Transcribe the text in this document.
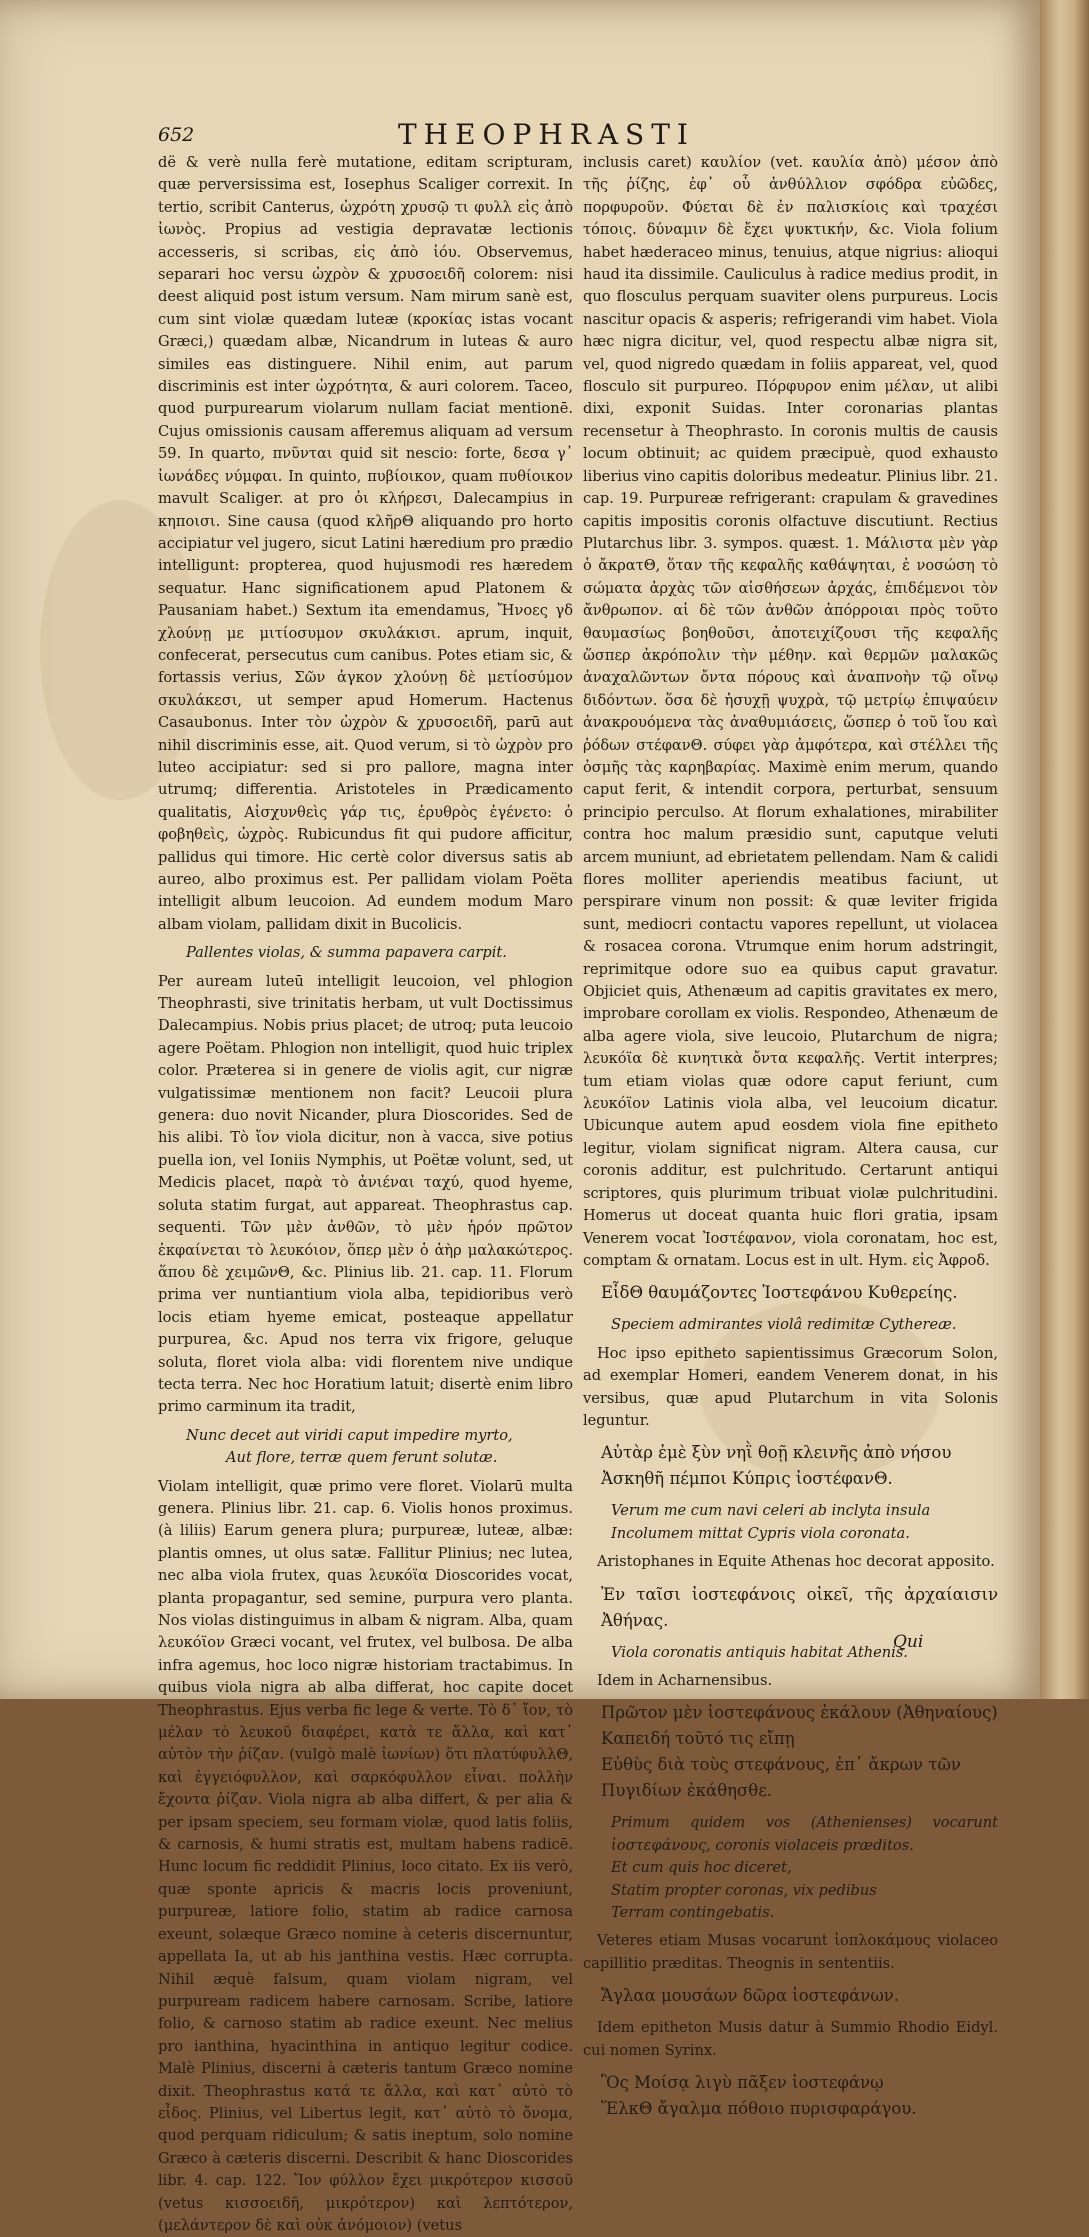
652	THEOPHRASTI

dë & verè nulla ferè mutatione, editam scripturam, quæ perversissima est, Iosephus Scaliger correxit. In tertio, scribit Canterus, ὠχρότη χρυσῷ τι φυλλ εἰς ἀπὸ ἰωνὸς. Propius ad vestigia depravatæ lectionis accesseris, si scribas, εἰς ἀπὸ ἰόυ. Observemus, separari hoc versu ὠχρὸν & χρυσοειδῆ colorem: nisi deest aliquid post istum versum. Nam mirum sanè est, cum sint violæ quædam luteæ (κροκίας istas vocant Græci,) quædam albæ, Nicandrum in luteas & auro similes eas distinguere. Nihil enim, aut parum discriminis est inter ὠχρότητα, & auri colorem. Taceo, quod purpurearum violarum nullam faciat mentionē. Cujus omissionis causam afferemus aliquam ad versum 59. In quarto, πνῦνται quid sit nescio: forte, δεσα γ᾽ ἰωνάδες νύμφαι. In quinto, πυβίοικον, quam πυθίοικον mavult Scaliger. at pro ὁι κλήρεσι, Dalecampius in κηποισι. Sine causa (quod κλῆρΘ aliquando pro horto accipiatur vel jugero, sicut Latini hæredium pro prædio intelligunt: propterea, quod hujusmodi res hæredem sequatur. Hanc significationem apud Platonem & Pausaniam habet.) Sextum ita emendamus, Ἤνοες γδ χλούνῃ με μιτίοσυμον σκυλάκισι. aprum, inquit, confecerat, persecutus cum canibus. Potes etiam sic, & fortassis verius, Σῶν ἀγκον χλούνῃ δὲ μετίοσύμον σκυλάκεσι, ut semper apud Homerum. Hactenus Casaubonus. Inter τὸν ὠχρὸν & χρυσοειδῆ, parū aut nihil discriminis esse, ait. Quod verum, si τὸ ὠχρὸν pro luteo accipiatur: sed si pro pallore, magna inter utrumq; differentia. Aristoteles in Prædicamento qualitatis, Αἰσχυνθεὶς γάρ τις, ἐρυθρὸς ἐγένετο: ὁ φοβηθεὶς, ὠχρὸς. Rubicundus fit qui pudore afficitur, pallidus qui timore. Hic certè color diversus satis ab aureo, albo proximus est. Per pallidam violam Poëta intelligit album leucoion. Ad eundem modum Maro albam violam, pallidam dixit in Bucolicis.

Pallentes violas, & summa papavera carpit.

Per auream luteū intelligit leucoion, vel phlogion Theophrasti, sive trinitatis herbam, ut vult Doctissimus Dalecampius. Nobis prius placet; de utroq; puta leucoio agere Poëtam. Phlogion non intelligit, quod huic triplex color. Præterea si in genere de violis agit, cur nigræ vulgatissimæ mentionem non facit? Leucoii plura genera: duo novit Nicander, plura Dioscorides. Sed de his alibi. Τὸ ἴον viola dicitur, non à vacca, sive potius puella ion, vel Ioniis Nymphis, ut Poëtæ volunt, sed, ut Medicis placet, παρὰ τὸ ἀνιέναι ταχύ, quod hyeme, soluta statim furgat, aut appareat. Theophrastus cap. sequenti. Τῶν μὲν ἀνθῶν, τὸ μὲν ἡρόν πρῶτον ἐκφαίνεται τὸ λευκόιον, ὅπερ μὲν ὁ ἀὴρ μαλακώτερος. ἅπου δὲ χειμῶνΘ, &c. Plinius lib. 21. cap. 11. Florum prima ver nuntiantium viola alba, tepidioribus verò locis etiam hyeme emicat, posteaque appellatur purpurea, &c. Apud nos terra vix frigore, geluque soluta, floret viola alba: vidi florentem nive undique tecta terra. Nec hoc Horatium latuit; disertè enim libro primo carminum ita tradit,

Nunc decet aut viridi caput impedire myrto,
Aut flore, terræ quem ferunt solutæ.

Violam intelligit, quæ primo vere floret. Violarū multa genera. Plinius libr. 21. cap. 6. Violis honos proximus. (à liliis) Earum genera plura; purpureæ, luteæ, albæ: plantis omnes, ut olus satæ. Fallitur Plinius; nec lutea, nec alba viola frutex, quas λευκόϊα Dioscorides vocat, planta propagantur, sed semine, purpura vero planta. Nos violas distinguimus in albam & nigram. Alba, quam λευκόϊον Græci vocant, vel frutex, vel bulbosa. De alba infra agemus, hoc loco nigræ historiam tractabimus. In quibus viola nigra ab alba differat, hoc capite docet Theophrastus. Ejus verba fic lege & verte. Τὸ δ᾽ ἴον, τὸ μέλαν τὸ λευκοῦ διαφέρει, κατὰ τε ἄλλα, καὶ κατ᾽ αὐτὸν τὴν ῥίζαν. (vulgò malè ἰωνίων) ὅτι πλατύφυλλΘ, καὶ ἐγγειόφυλλον, καὶ σαρκόφυλλον εἶναι. πολλὴν ἔχοντα ῥίζαν. Viola nigra ab alba differt, & per alia & per ipsam speciem, seu formam violæ, quod latis foliis, & carnosis, & humi stratis est, multam habens radicē. Hunc locum fic reddidit Plinius, loco citato. Ex iis verò, quæ sponte apricis & macris locis proveniunt, purpureæ, latiore folio, statim ab radice carnosa exeunt, solæque Græco nomine à ceteris discernuntur, appellata Ia, ut ab his janthina vestis. Hæc corrupta. Nihil æquè falsum, quam violam nigram, vel purpuream radicem habere carnosam. Scribe, latiore folio, & carnoso statim ab radice exeunt. Nec melius pro ianthina, hyacinthina in antiquo legitur codice. Malè Plinius, discerni à cæteris tantum Græco nomine dixit. Theophrastus κατά τε ἄλλα, καὶ κατ᾽ αὐτὸ τὸ εἶδος. Plinius, vel Libertus legit, κατ᾽ αὐτὸ τὸ ὄνομα, quod perquam ridiculum; & satis ineptum, solo nomine Græco à cæteris discerni. Describit & hanc Dioscorides libr. 4. cap. 122. Ἴον φύλλον ἔχει μικρότερον κισσοῦ (vetus κισσοειδῆ, μικρότερον) καὶ λεπτότερον, (μελάντερον δὲ καὶ οὐκ ἀνόμοιον) (vetus

inclusis caret) καυλίον (vet. καυλία ἀπὸ) μέσον ἀπὸ τῆς ῥίζης, ἐφ᾽ οὗ ἀνθύλλιον σφόδρα εὐῶδες, πορφυροῦν. Φύεται δὲ ἐν παλισκίοις καὶ τραχέσι τόποις. δύναμιν δὲ ἔχει ψυκτικήν, &c. Viola folium habet hæderaceo minus, tenuius, atque nigrius: alioqui haud ita dissimile. Cauliculus à radice medius prodit, in quo flosculus perquam suaviter olens purpureus. Locis nascitur opacis & asperis; refrigerandi vim habet. Viola hæc nigra dicitur, vel, quod respectu albæ nigra sit, vel, quod nigredo quædam in foliis appareat, vel, quod flosculo sit purpureo. Πόρφυρον enim μέλαν, ut alibi dixi, exponit Suidas. Inter coronarias plantas recensetur à Theophrasto. In coronis multis de causis locum obtinuit; ac quidem præcipuè, quod exhausto liberius vino capitis doloribus medeatur. Plinius libr. 21. cap. 19. Purpureæ refrigerant: crapulam & gravedines capitis impositis coronis olfactuve discutiunt. Rectius Plutarchus libr. 3. sympos. quæst. 1. Μάλιστα μὲν γὰρ ὁ ἄκρατΘ, ὅταν τῆς κεφαλῆς καθάψηται, ἐ νοσώση τὸ σώματα ἀρχὰς τῶν αἰσθήσεων ἀρχάς, ἐπιδέμενοι τὸν ἄνθρωπον. αἱ δὲ τῶν ἀνθῶν ἀπόρροιαι πρὸς τοῦτο θαυμασίως βοηθοῦσι, ἀποτειχίζουσι τῆς κεφαλῆς ὥσπερ ἀκρόπολιν τὴν μέθην. καὶ θερμῶν μαλακῶς ἀναχαλῶντων ὄντα πόρους καὶ ἀναπνοὴν τῷ οἴνῳ διδόντων. ὅσα δὲ ἡσυχῇ ψυχρὰ, τῷ μετρίῳ ἐπιψαύειν ἀνακρουόμενα τὰς ἀναθυμιάσεις, ὥσπερ ὁ τοῦ ἴου καὶ ῥόδων στέφανΘ. σύφει γὰρ ἀμφότερα, καὶ στέλλει τῆς ὀσμῆς τὰς καρηβαρίας. Maximè enim merum, quando caput ferit, & intendit corpora, perturbat, sensuum principio perculso. At florum exhalationes, mirabiliter contra hoc malum præsidio sunt, caputque veluti arcem muniunt, ad ebrietatem pellendam. Nam & calidi flores molliter aperiendis meatibus faciunt, ut perspirare vinum non possit: & quæ leviter frigida sunt, mediocri contactu vapores repellunt, ut violacea & rosacea corona. Vtrumque enim horum adstringit, reprimitque odore suo ea quibus caput gravatur. Objiciet quis, Athenæum ad capitis gravitates ex mero, improbare corollam ex violis. Respondeo, Athenæum de alba agere viola, sive leucoio, Plutarchum de nigra; λευκόϊα δὲ κινητικὰ ὄντα κεφαλῆς. Vertit interpres; tum etiam violas quæ odore caput feriunt, cum λευκόϊον Latinis viola alba, vel leucoium dicatur. Ubicunque autem apud eosdem viola fine epitheto legitur, violam significat nigram. Altera causa, cur coronis additur, est pulchritudo. Certarunt antiqui scriptores, quis plurimum tribuat violæ pulchritudini. Homerus ut doceat quanta huic flori gratia, ipsam Venerem vocat Ἰοστέφανον, viola coronatam, hoc est, comptam & ornatam. Locus est in ult. Hym. εἰς Ἀφροδ.

ΕἶδΘ θαυμάζοντες Ἰοστεφάνου Κυθερείης.
Speciem admirantes violâ redimitæ Cythereæ.

Hoc ipso epitheto sapientissimus Græcorum Solon, ad exemplar Homeri, eandem Venerem donat, in his versibus, quæ apud Plutarchum in vita Solonis leguntur.

Αὐτὰρ ἐμὲ ξὺν νηῒ θοῇ κλεινῆς ἀπὸ νήσου
Ἀσκηθῆ πέμποι Κύπρις ἰοστέφανΘ.
Verum me cum navi celeri ab inclyta insula
Incolumem mittat Cypris viola coronata.

Aristophanes in Equite Athenas hoc decorat apposito.

Ἐν ταῖσι ἰοστεφάνοις οἰκεῖ, τῆς ἀρχαίαισιν Ἀθήνας.
Viola coronatis antiquis habitat Athenis.

Idem in Acharnensibus.

Πρῶτον μὲν ἰοστεφάνους ἐκάλουν (Ἀθηναίους)
Καπειδή τοῦτό τις εἴπῃ
Εὐθὺς διὰ τοὺς στεφάνους, ἐπ᾽ ἄκρων τῶν
Πυγιδίων ἐκάθησθε.
Primum quidem vos (Athenienses) vocarunt ἰοστεφάνους, coronis violaceis præditos.
Et cum quis hoc diceret,
Statim propter coronas, vix pedibus
Terram contingebatis.

Veteres etiam Musas vocarunt ἰοπλοκάμους violaceo capillitio præditas. Theognis in sententiis.

Ἄγλαα μουσάων δῶρα ἰοστεφάνων.

Idem epitheton Musis datur à Summio Rhodio Eidyl. cui nomen Syrinx.

Ὃς Μοίσᾳ λιγὺ πᾶξεν ἰοστεφάνῳ
ἝλκΘ ἄγαλμα πόθοιο πυρισφαράγου.
Qui
